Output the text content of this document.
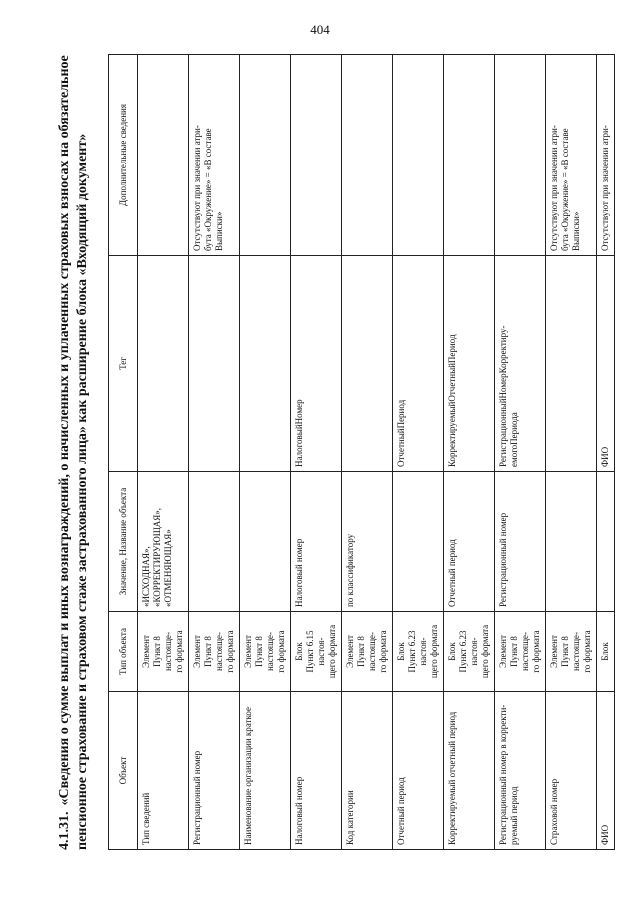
404
4.1.31.«Сведения о сумме выплат и иных вознаграждений, о начисленных и уплаченных страховых взносах на обязательное пенсионное страхование и страховом стаже застрахованного лица» как расширение блока «Входящий документ»	Объект	Тип объекта	Значение, Название объекта	Тег	Дополнительные сведения
Тип сведений	Элемент
Пункт 8 настояще-
го формата	«ИСХОДНАЯ»,
«КОРРЕКТИРУЮЩАЯ»,
«ОТМЕНЯЮЩАЯ»		
Регистрационный номер	Элемент
Пункт 8 настояще-
го формата			Отсутствуют при значении атри-
бута «Окружение» = «В составе
Выписки»
Наименование организации краткое	Элемент
Пункт 8 настояще-
го формата			
Налоговый номер	Блок
Пункт 6.15 настоя-
щего формата	Налоговый номер	НалоговыйНомер	
Код категории	Элемент
Пункт 8 настояще-
го формата	по классификатору		
Отчетный период	Блок
Пункт 6.23 настоя-
щего формата		ОтчетныйПериод	
Корректируемый отчетный период	Блок
Пункт 6.23 настоя-
щего формата	Отчетный период	КорректируемыйОтчетныйПериод	
Регистрационный номер в корректи-
руемый период	Элемент
Пункт 8 настояще-
го формата	Регистрационный номер	РегистрационныйНомерКорректиру-
емогоПериода	
Страховой номер	Элемент
Пункт 8 настояще-
го формата			Отсутствуют при значении атри-
бута «Окружение» = «В составе
Выписки»
ФИО	Блок		ФИО	Отсутствуют при значении атри-
